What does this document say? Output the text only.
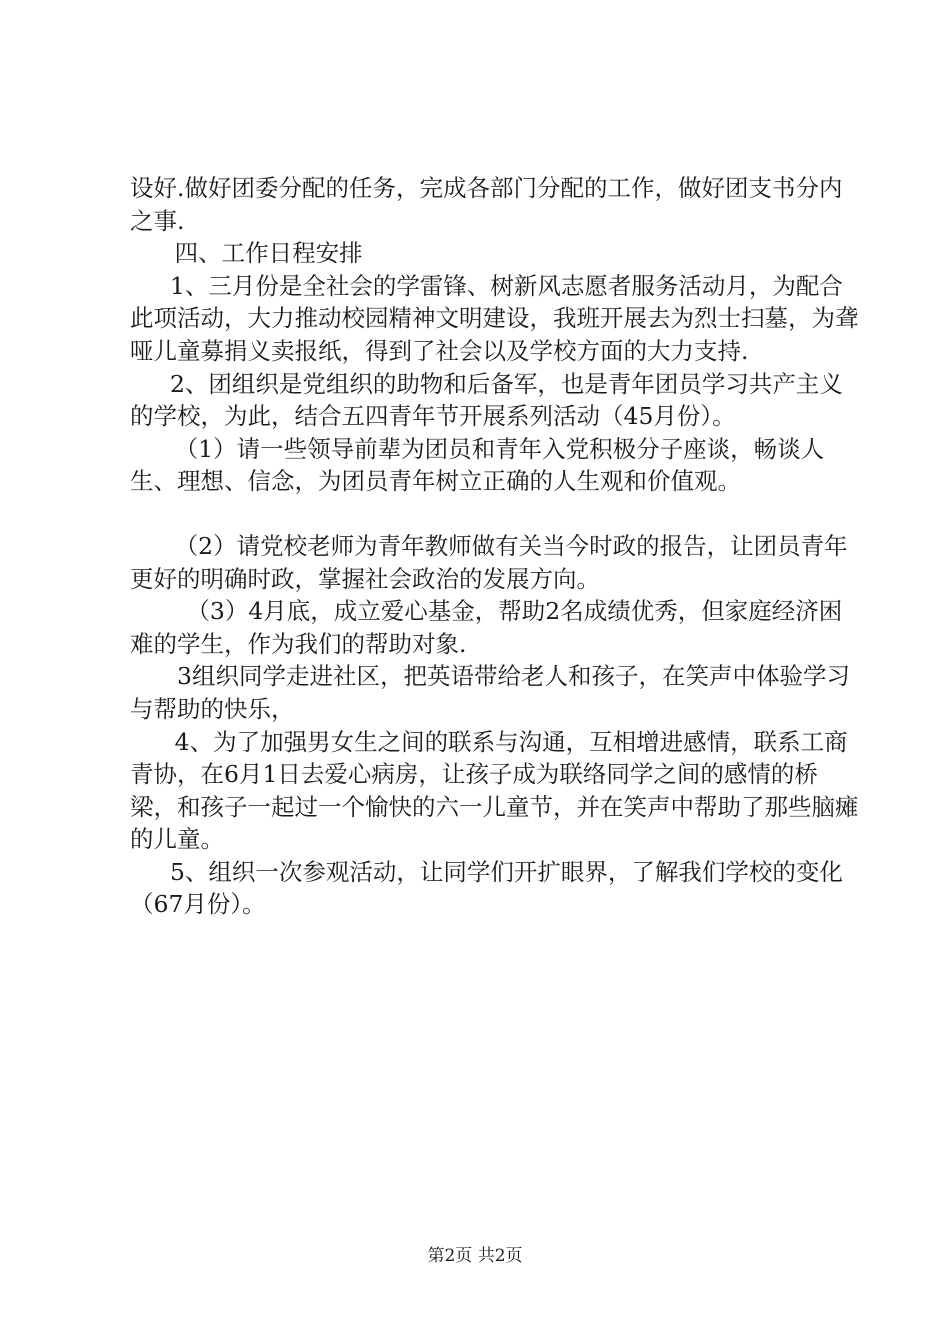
设好.做好团委分配的任务，完成各部门分配的工作，做好团支书分内之事.

四、工作日程安排

1、三月份是全社会的学雷锋、树新风志愿者服务活动月，为配合此项活动，大力推动校园精神文明建设，我班开展去为烈士扫墓，为聋哑儿童募捐义卖报纸，得到了社会以及学校方面的大力支持.

2、团组织是党组织的助物和后备军，也是青年团员学习共产主义的学校，为此，结合五四青年节开展系列活动（45月份）。

（1）请一些领导前辈为团员和青年入党积极分子座谈，畅谈人生、理想、信念，为团员青年树立正确的人生观和价值观。

（2）请党校老师为青年教师做有关当今时政的报告，让团员青年更好的明确时政，掌握社会政治的发展方向。

（3）4月底，成立爱心基金，帮助2名成绩优秀，但家庭经济困难的学生，作为我们的帮助对象.

3组织同学走进社区，把英语带给老人和孩子，在笑声中体验学习与帮助的快乐，

4、为了加强男女生之间的联系与沟通，互相增进感情，联系工商青协，在6月1日去爱心病房，让孩子成为联络同学之间的感情的桥梁，和孩子一起过一个愉快的六一儿童节，并在笑声中帮助了那些脑瘫的儿童。

5、组织一次参观活动，让同学们开扩眼界，了解我们学校的变化（67月份）。

第2页 共2页
